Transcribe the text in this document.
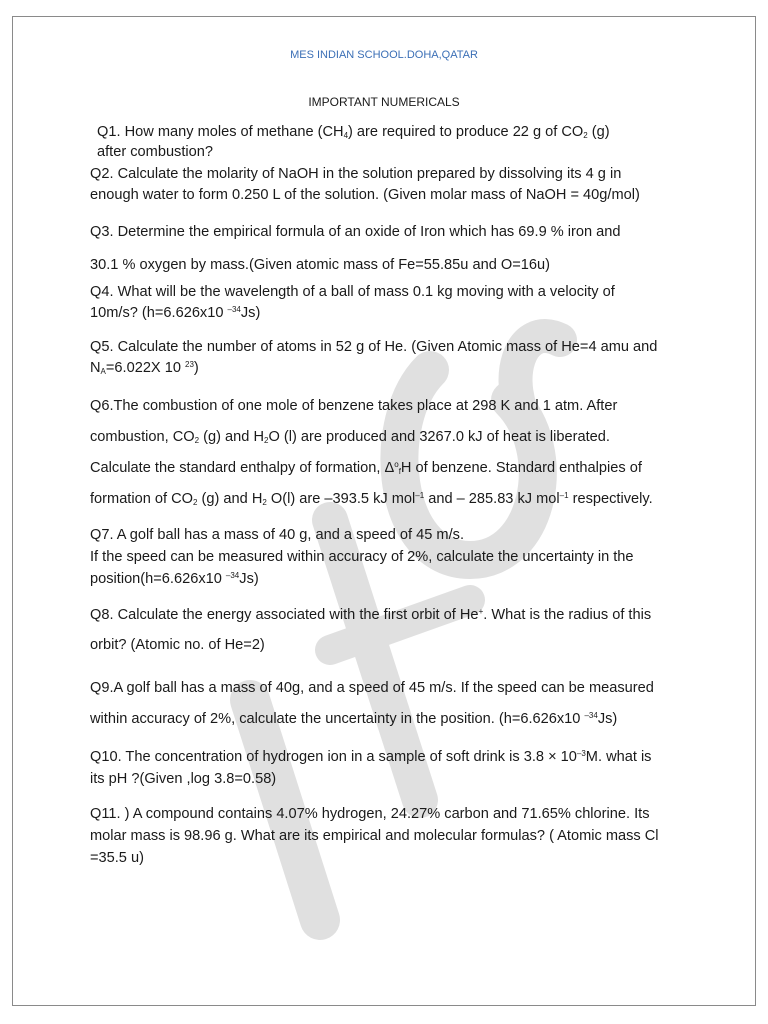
MES INDIAN SCHOOL.DOHA,QATAR
IMPORTANT NUMERICALS
Q1. How many moles of methane $(CH_4)$ are required to produce 22 g of $CO_2$ (g)
after combustion?
Q2. Calculate the molarity of NaOH in the solution prepared by dissolving its 4 g in
enough water to form 0.250 L of the solution. (Given molar mass of NaOH = 40g/mol)
Q3. Determine the empirical formula of an oxide of Iron which has 69.9 % iron and
30.1 % oxygen by mass.(Given atomic mass of Fe=55.85u and O=16u)
Q4. What will be the wavelength of a ball of mass 0.1 kg moving with a velocity of
10m/s? (h=6.626x10 $^{-34}$Js)
Q5. Calculate the number of atoms in 52 g of He. (Given Atomic mass of He=4 amu and
$N_A=6.022X$ 10 $^{23}$)
Q6.The combustion of one mole of benzene takes place at 298 K and 1 atm. After
combustion, $CO_2$ (g) and $H_2O$ (l) are produced and 3267.0 kJ of heat is liberated.
Calculate the standard enthalpy of formation, $\Delta^o_fH$ of benzene. Standard enthalpies of
formation of $CO_2$ (g) and $H_2$ O(l) are –393.5 kJ mol$^{-1}$ and – 285.83 kJ mol$^{-1}$ respectively.
Q7. A golf ball has a mass of 40 g, and a speed of 45 m/s.
If the speed can be measured within accuracy of 2%, calculate the uncertainty in the
position(h=6.626x10 $^{-34}$Js)
Q8. Calculate the energy associated with the first orbit of He+. What is the radius of this
orbit? (Atomic no. of He=2)
Q9.A golf ball has a mass of 40g, and a speed of 45 m/s. If the speed can be measured
within accuracy of 2%, calculate the uncertainty in the position. (h=6.626x10 $^{-34}$Js)
Q10. The concentration of hydrogen ion in a sample of soft drink is $3.8 \times 10^{-3}M$. what is
its pH ?(Given ,log 3.8=0.58)
Q11. ) A compound contains 4.07% hydrogen, 24.27% carbon and 71.65% chlorine. Its
molar mass is 98.96 g. What are its empirical and molecular formulas? ( Atomic mass Cl
=35.5 u)
